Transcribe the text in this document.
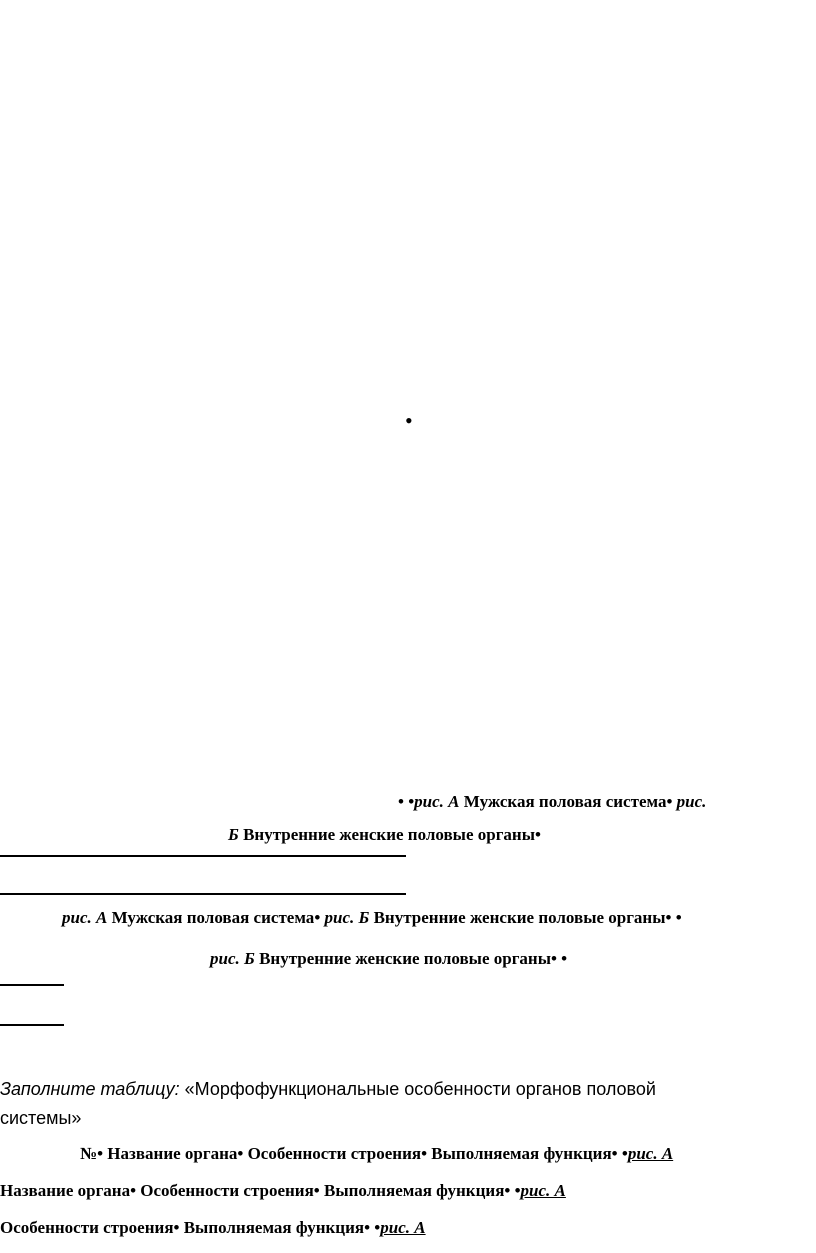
•
• •рис. А Мужская половая система• рис.
Б Внутренние женские половые органы•
рис. А Мужская половая система• рис. Б Внутренние женские половые органы• •
рис. Б Внутренние женские половые органы• •
Заполните таблицу: «Морфофункциональные особенности органов половой
системы»
№• Название органа• Особенности строения• Выполняемая функция• •рис. А
Название органа• Особенности строения• Выполняемая функция• •рис. А
Особенности строения• Выполняемая функция• •рис. А
